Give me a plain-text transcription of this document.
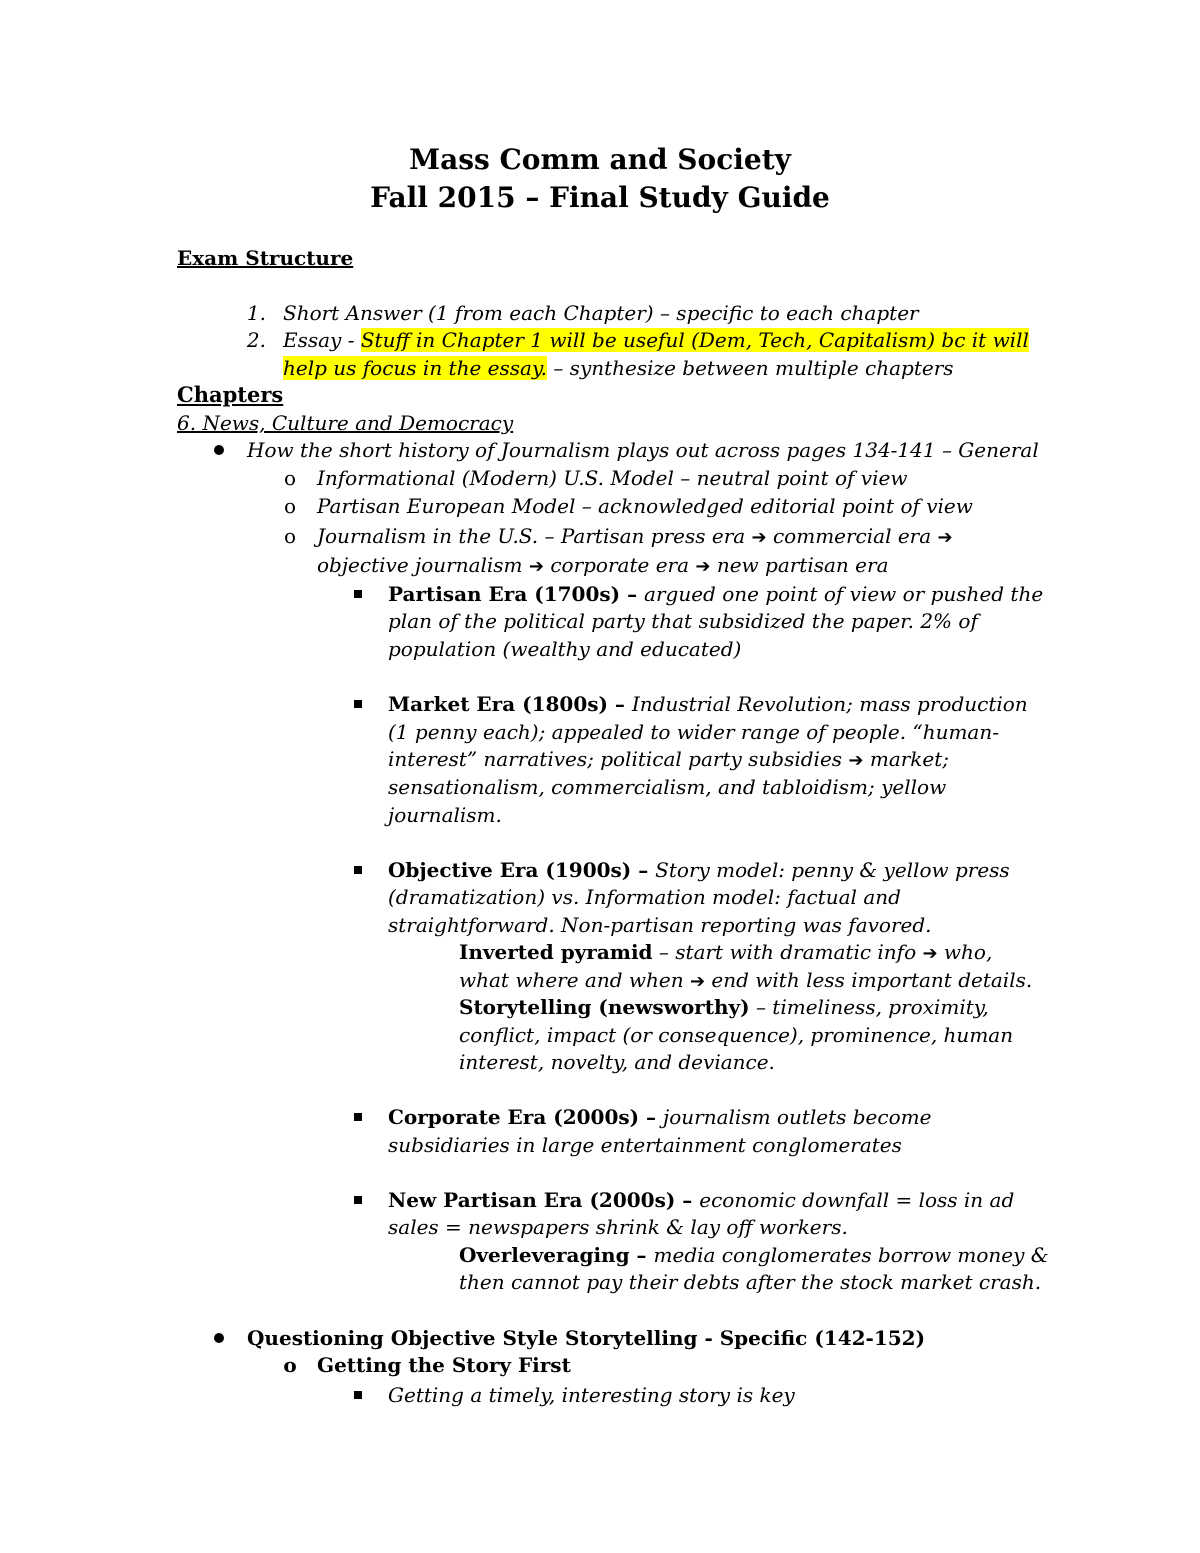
Mass Comm and Society
Fall 2015 – Final Study Guide
Exam Structure
1. Short Answer (1 from each Chapter) – specific to each chapter
2. Essay - Stuff in Chapter 1 will be useful (Dem, Tech, Capitalism) bc it will
help us focus in the essay. – synthesize between multiple chapters
Chapters
6. News, Culture and Democracy
How the short history of Journalism plays out across pages 134-141 – General
o Informational (Modern) U.S. Model – neutral point of view
o Partisan European Model – acknowledged editorial point of view
o Journalism in the U.S. – Partisan press era ➔ commercial era ➔
objective journalism ➔ corporate era ➔ new partisan era
Partisan Era (1700s) – argued one point of view or pushed the
plan of the political party that subsidized the paper. 2% of
population (wealthy and educated)
Market Era (1800s) – Industrial Revolution; mass production
(1 penny each); appealed to wider range of people. “human-
interest” narratives; political party subsidies ➔ market;
sensationalism, commercialism, and tabloidism; yellow
journalism.
Objective Era (1900s) – Story model: penny & yellow press
(dramatization) vs. Information model: factual and
straightforward. Non-partisan reporting was favored.
Inverted pyramid – start with dramatic info ➔ who,
what where and when ➔ end with less important details.
Storytelling (newsworthy) – timeliness, proximity,
conflict, impact (or consequence), prominence, human
interest, novelty, and deviance.
Corporate Era (2000s) – journalism outlets become
subsidiaries in large entertainment conglomerates
New Partisan Era (2000s) – economic downfall = loss in ad
sales = newspapers shrink & lay off workers.
Overleveraging – media conglomerates borrow money &
then cannot pay their debts after the stock market crash.
Questioning Objective Style Storytelling - Specific (142-152)
o Getting the Story First
Getting a timely, interesting story is key
